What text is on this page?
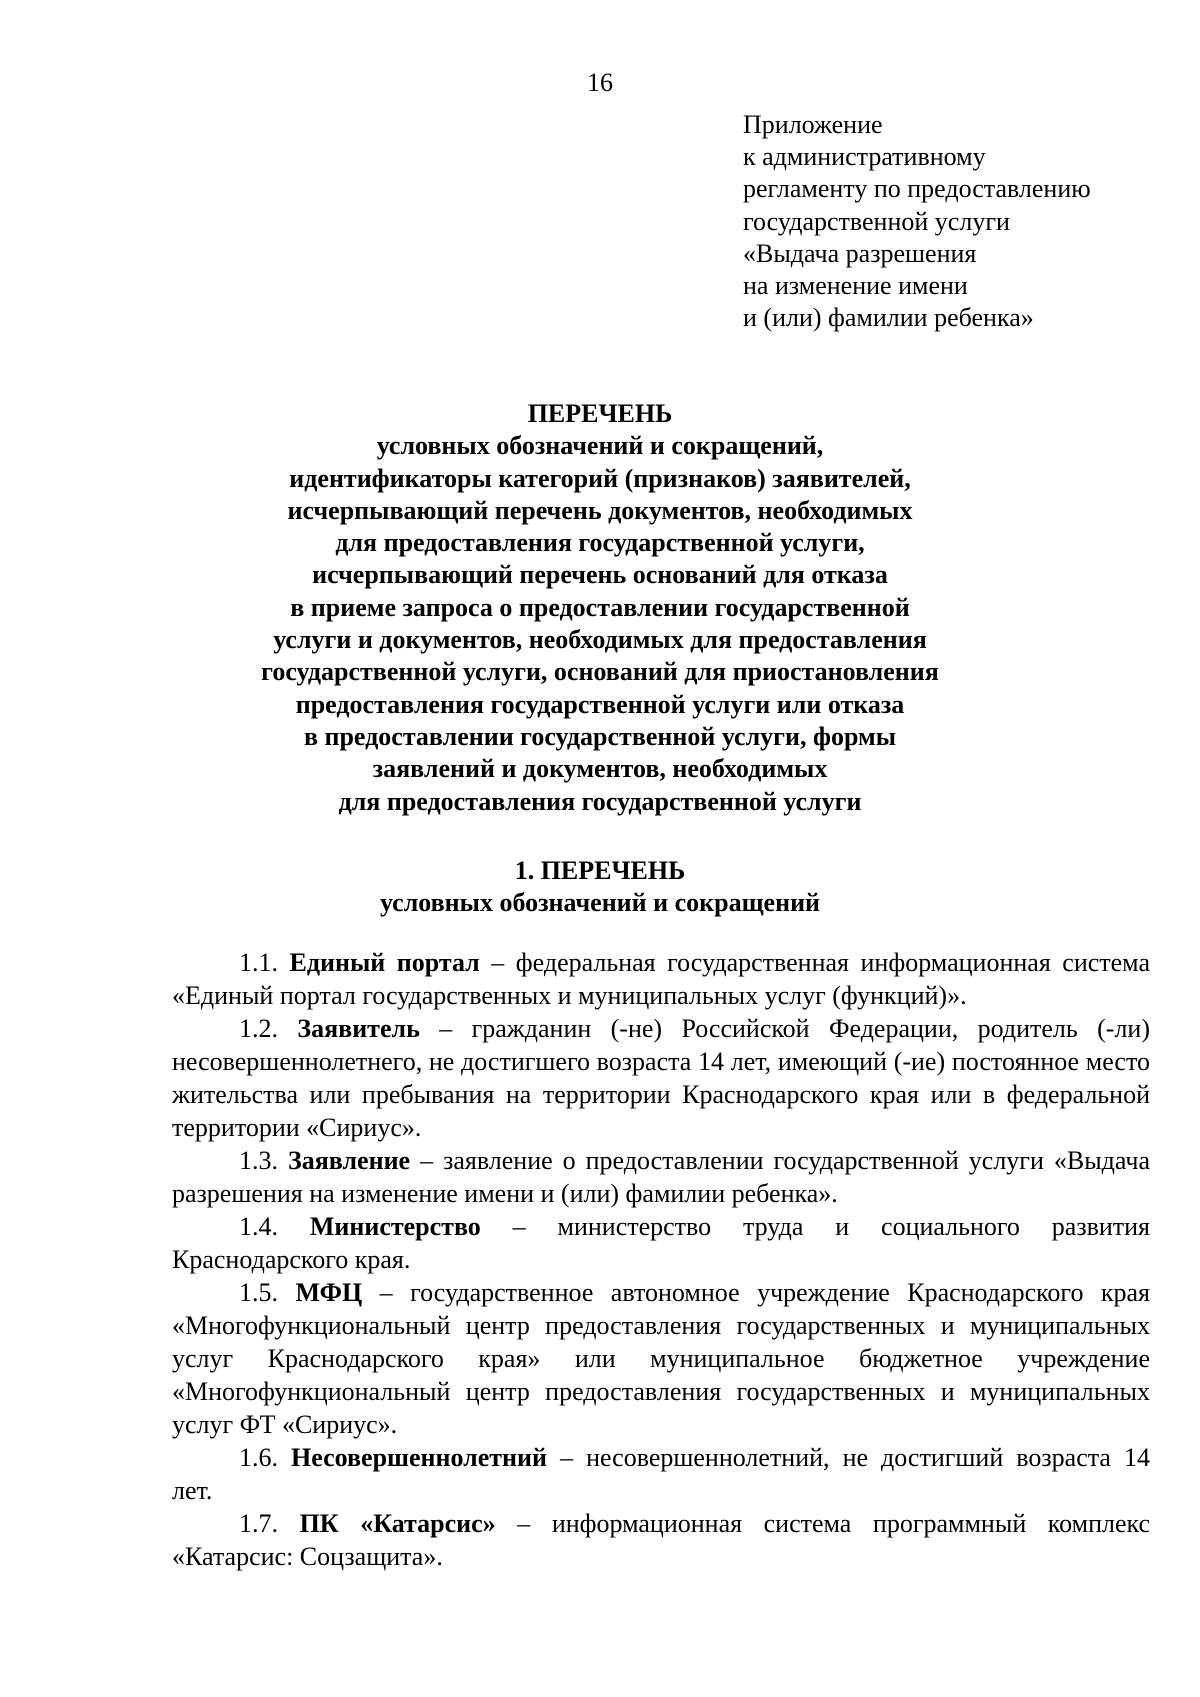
16
Приложение
к административному
регламенту по предоставлению
государственной услуги
«Выдача разрешения
на изменение имени
и (или) фамилии ребенка»
ПЕРЕЧЕНЬ
условных обозначений и сокращений,
идентификаторы категорий (признаков) заявителей,
исчерпывающий перечень документов, необходимых
для предоставления государственной услуги,
исчерпывающий перечень оснований для отказа
в приеме запроса о предоставлении государственной
услуги и документов, необходимых для предоставления
государственной услуги, оснований для приостановления
предоставления государственной услуги или отказа
в предоставлении государственной услуги, формы
заявлений и документов, необходимых
для предоставления государственной услуги
1. ПЕРЕЧЕНЬ
условных обозначений и сокращений

1.1. Единый портал – федеральная государственная информационная система «Единый портал государственных и муниципальных услуг (функций)».

1.2. Заявитель – гражданин (-не) Российской Федерации, родитель (-ли) несовершеннолетнего, не достигшего возраста 14 лет, имеющий (-ие) постоянное место жительства или пребывания на территории Краснодарского края или в федеральной территории «Сириус».

1.3. Заявление – заявление о предоставлении государственной услуги «Выдача разрешения на изменение имени и (или) фамилии ребенка».

1.4. Министерство – министерство труда и социального развития Краснодарского края.

1.5. МФЦ – государственное автономное учреждение Краснодарского края «Многофункциональный центр предоставления государственных и муниципальных услуг Краснодарского края» или муниципальное бюджетное учреждение «Многофункциональный центр предоставления государственных и муниципальных услуг ФТ «Сириус».

1.6. Несовершеннолетний – несовершеннолетний, не достигший возраста 14 лет.

1.7. ПК «Катарсис» – информационная система программный комплекс «Катарсис: Соцзащита».
